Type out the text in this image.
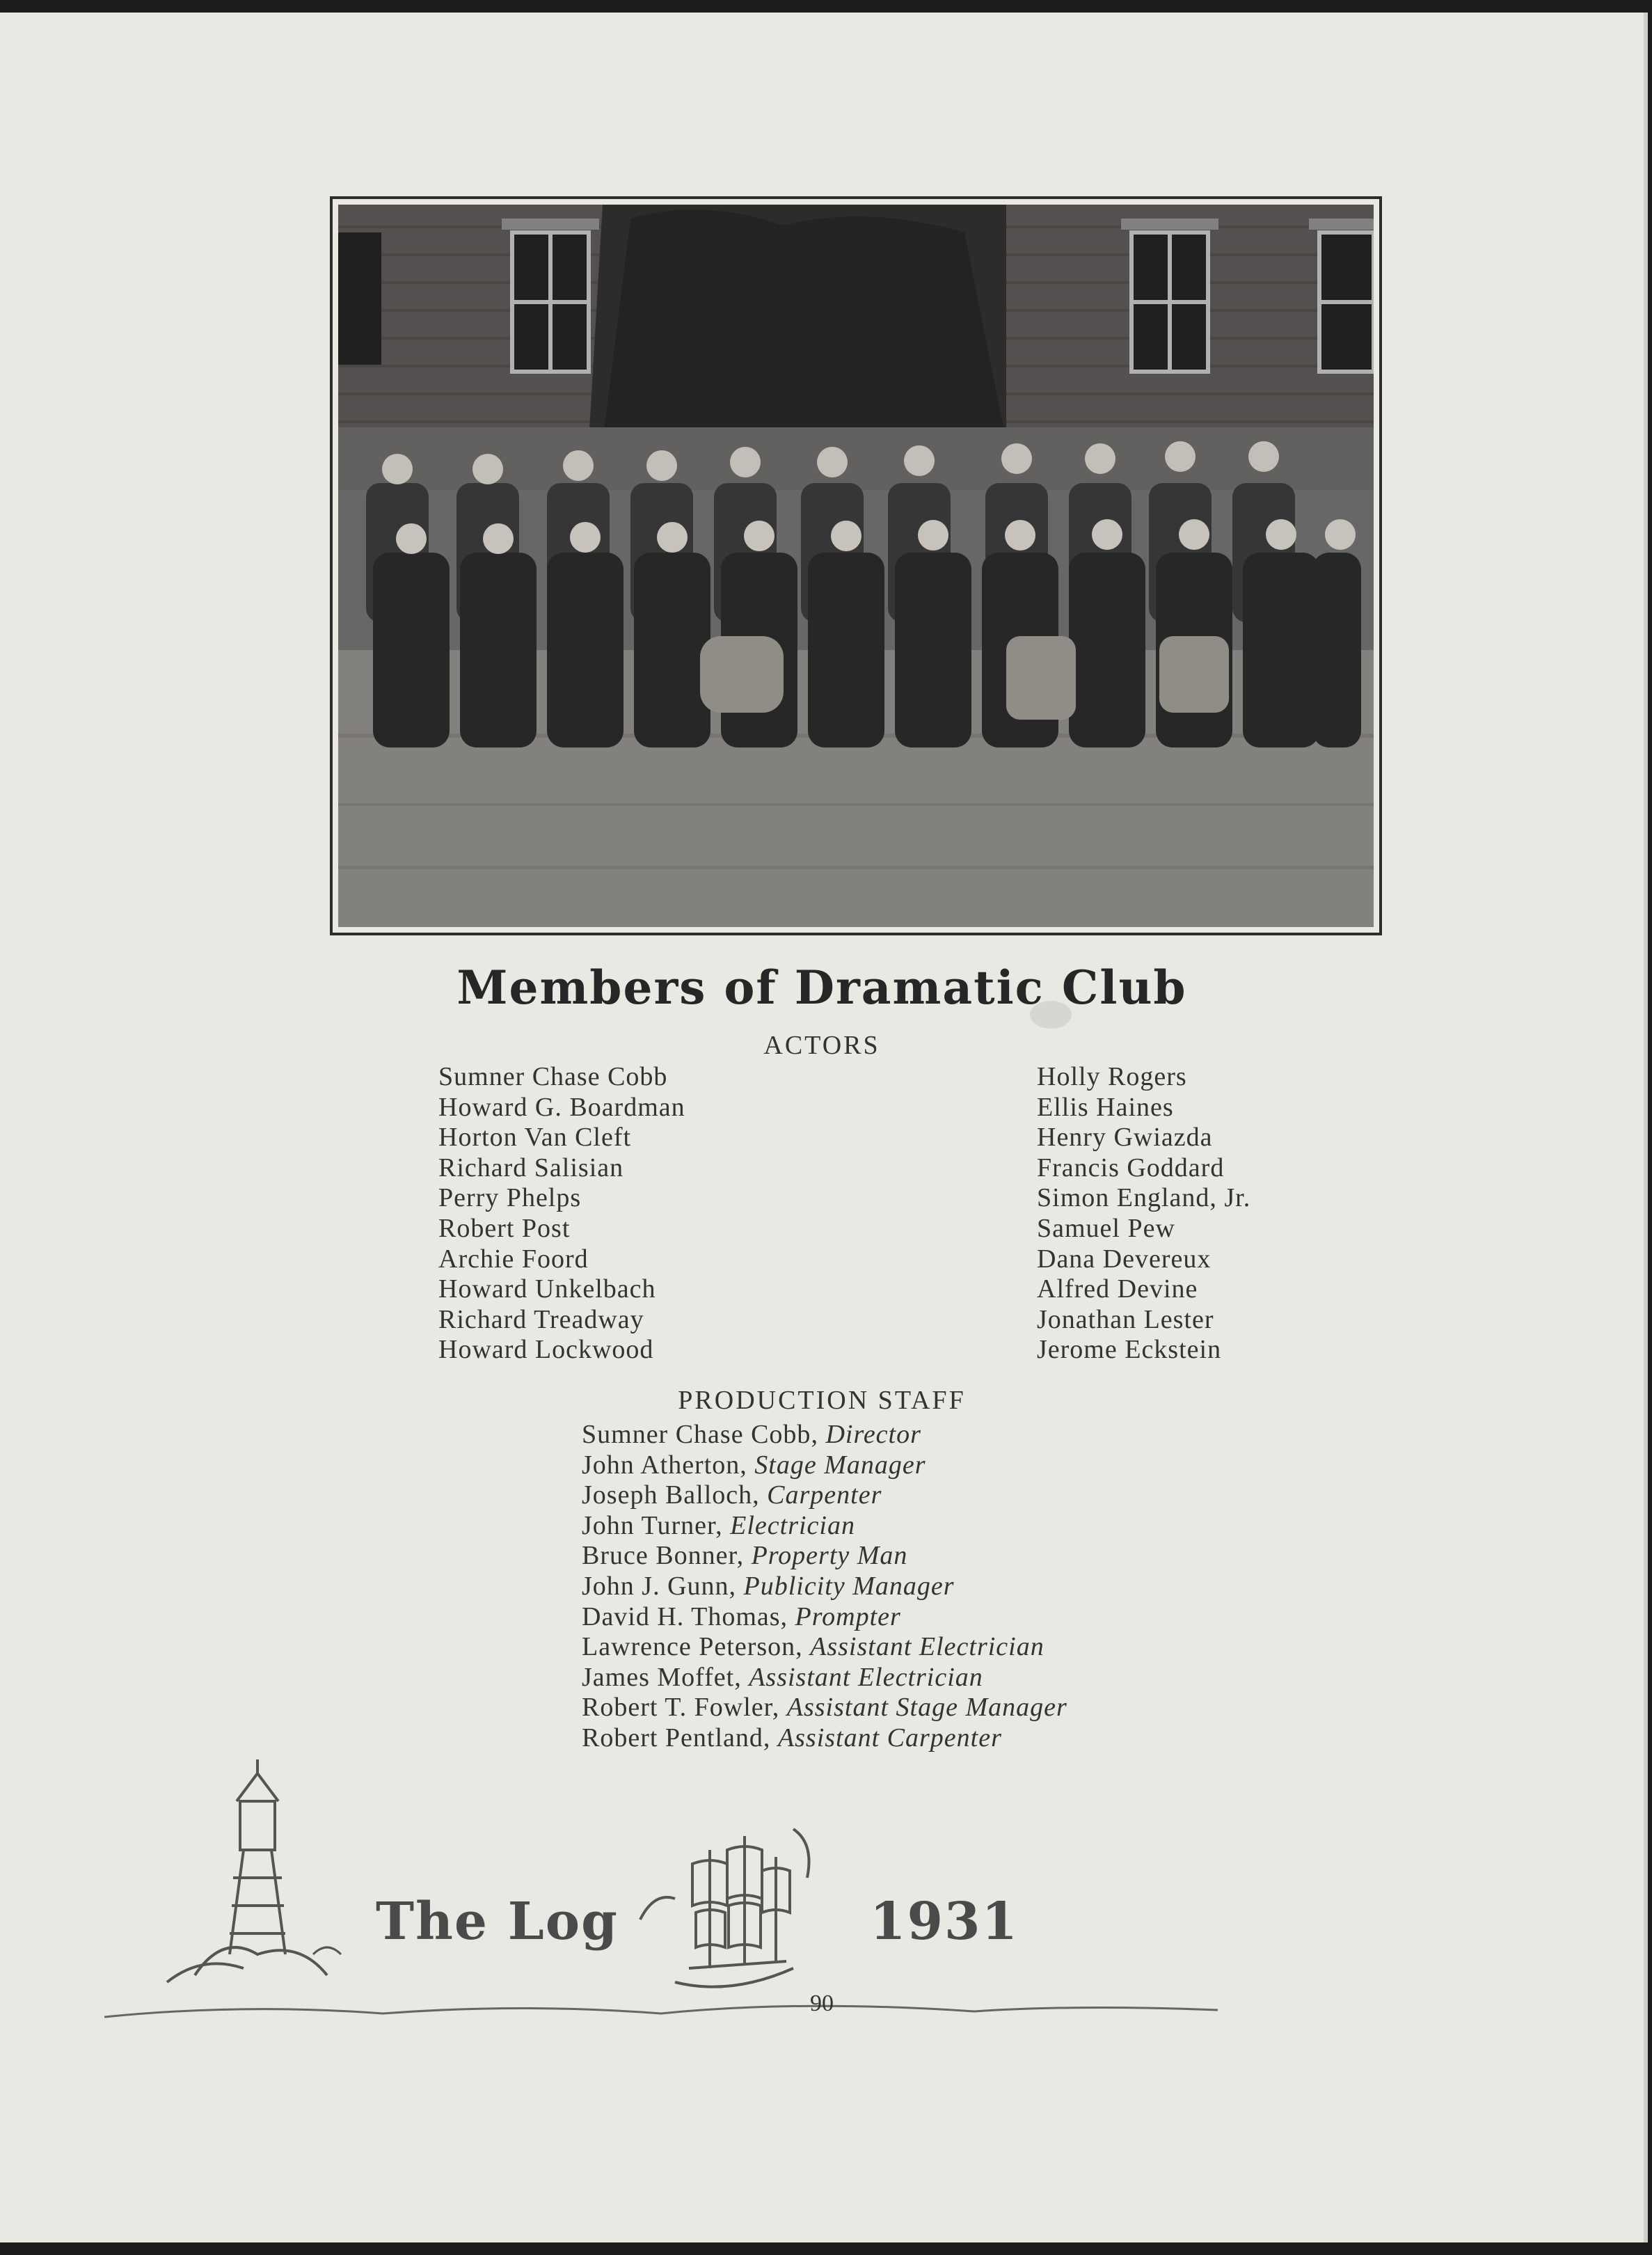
Members of Dramatic Club
ACTORS
Sumner Chase Cobb
Howard G. Boardman
Horton Van Cleft
Richard Salisian
Perry Phelps
Robert Post
Archie Foord
Howard Unkelbach
Richard Treadway
Howard Lockwood
Holly Rogers
Ellis Haines
Henry Gwiazda
Francis Goddard
Simon England, Jr.
Samuel Pew
Dana Devereux
Alfred Devine
Jonathan Lester
Jerome Eckstein
PRODUCTION STAFF
Sumner Chase Cobb, Director
John Atherton, Stage Manager
Joseph Balloch, Carpenter
John Turner, Electrician
Bruce Bonner, Property Man
John J. Gunn, Publicity Manager
David H. Thomas, Prompter
Lawrence Peterson, Assistant Electrician
James Moffet, Assistant Electrician
Robert T. Fowler, Assistant Stage Manager
Robert Pentland, Assistant Carpenter
The Log	1931
90
